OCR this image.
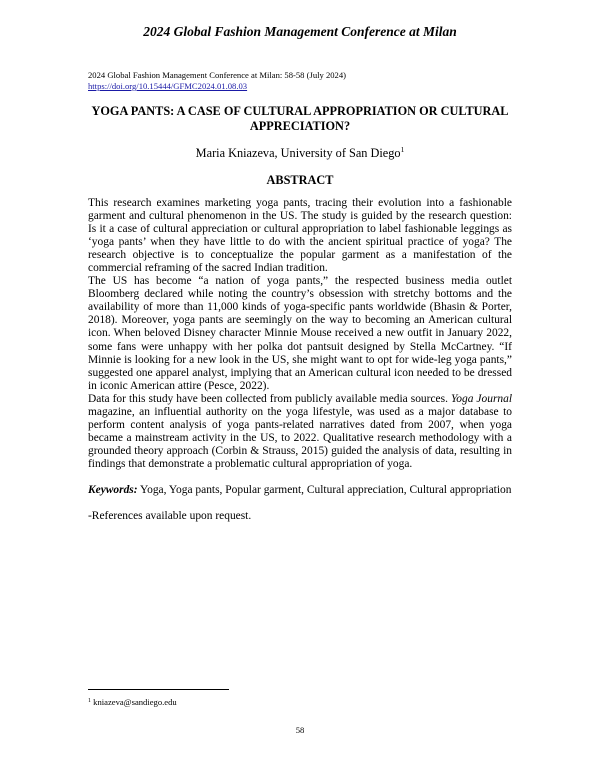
2024 Global Fashion Management Conference at Milan
2024 Global Fashion Management Conference at Milan: 58-58 (July 2024)
https://doi.org/10.15444/GFMC2024.01.08.03
YOGA PANTS: A CASE OF CULTURAL APPROPRIATION OR CULTURAL APPRECIATION?
Maria Kniazeva, University of San Diego$^1$
ABSTRACT

This research examines marketing yoga pants, tracing their evolution into a fashionable garment and cultural phenomenon in the US. The study is guided by the research question: Is it a case of cultural appreciation or cultural appropriation to label fashionable leggings as ‘yoga pants’ when they have little to do with the ancient spiritual practice of yoga? The research objective is to conceptualize the popular garment as a manifestation of the commercial reframing of the sacred Indian tradition.

The US has become “a nation of yoga pants,” the respected business media outlet Bloomberg declared while noting the country’s obsession with stretchy bottoms and the availability of more than 11,000 kinds of yoga-specific pants worldwide (Bhasin & Porter, 2018). Moreover, yoga pants are seemingly on the way to becoming an American cultural icon. When beloved Disney character Minnie Mouse received a new outfit in January 2022, some fans were unhappy with her polka dot pantsuit designed by Stella McCartney. “If Minnie is looking for a new look in the US, she might want to opt for wide-leg yoga pants,” suggested one apparel analyst, implying that an American cultural icon needed to be dressed in iconic American attire (Pesce, 2022).

Data for this study have been collected from publicly available media sources. Yoga Journal magazine, an influential authority on the yoga lifestyle, was used as a major database to perform content analysis of yoga pants-related narratives dated from 2007, when yoga became a mainstream activity in the US, to 2022. Qualitative research methodology with a grounded theory approach (Corbin & Strauss, 2015) guided the analysis of data, resulting in findings that demonstrate a problematic cultural appropriation of yoga.

Keywords: Yoga, Yoga pants, Popular garment, Cultural appreciation, Cultural appropriation

-References available upon request.

$^1$ kniazeva@sandiego.edu
58
